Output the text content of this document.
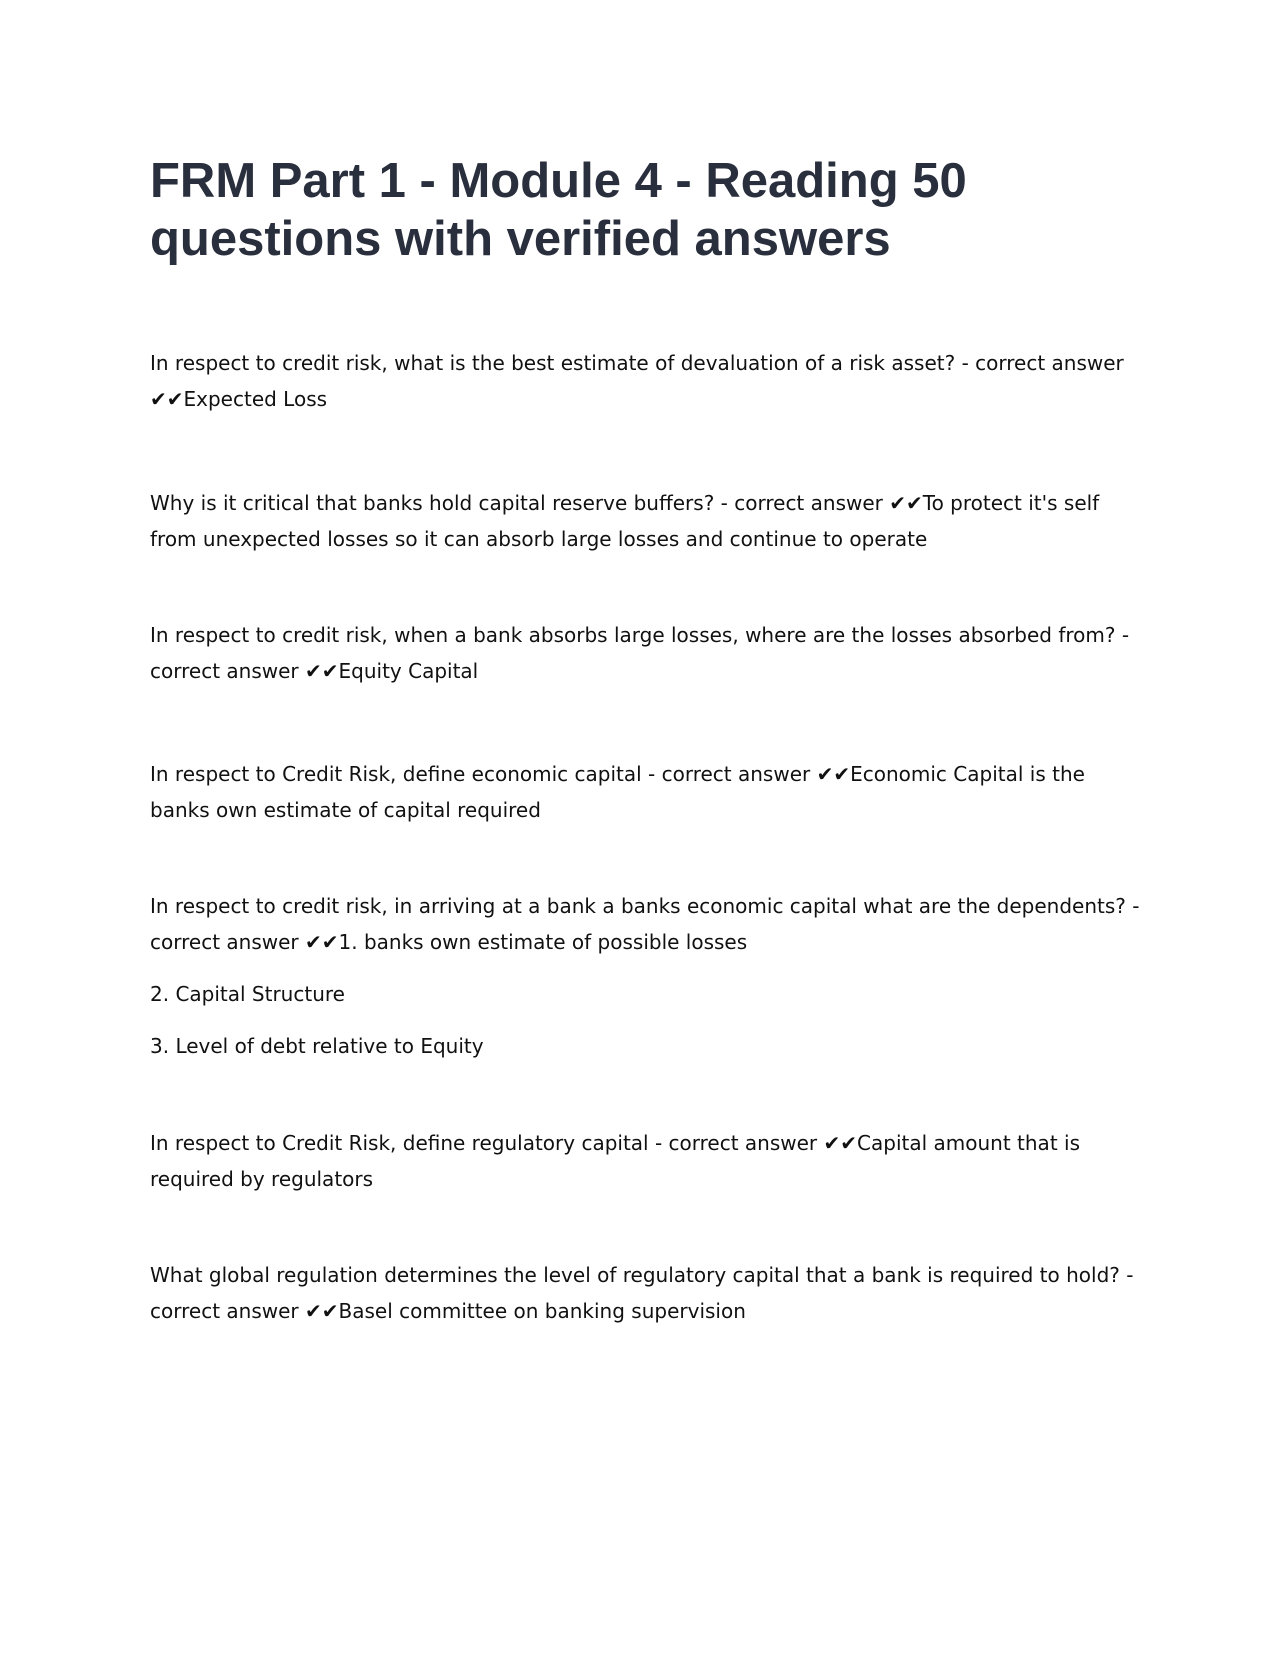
FRM Part 1 - Module 4 - Reading 50 questions with verified answers

In respect to credit risk, what is the best estimate of devaluation of a risk asset? - correct answer ✔✔Expected Loss

Why is it critical that banks hold capital reserve buffers? - correct answer ✔✔To protect it's self from unexpected losses so it can absorb large losses and continue to operate

In respect to credit risk, when a bank absorbs large losses, where are the losses absorbed from? - correct answer ✔✔Equity Capital

In respect to Credit Risk, define economic capital - correct answer ✔✔Economic Capital is the banks own estimate of capital required

In respect to credit risk, in arriving at a bank a banks economic capital what are the dependents? - correct answer ✔✔1. banks own estimate of possible losses

2. Capital Structure

3. Level of debt relative to Equity

In respect to Credit Risk, define regulatory capital - correct answer ✔✔Capital amount that is required by regulators

What global regulation determines the level of regulatory capital that a bank is required to hold? - correct answer ✔✔Basel committee on banking supervision
